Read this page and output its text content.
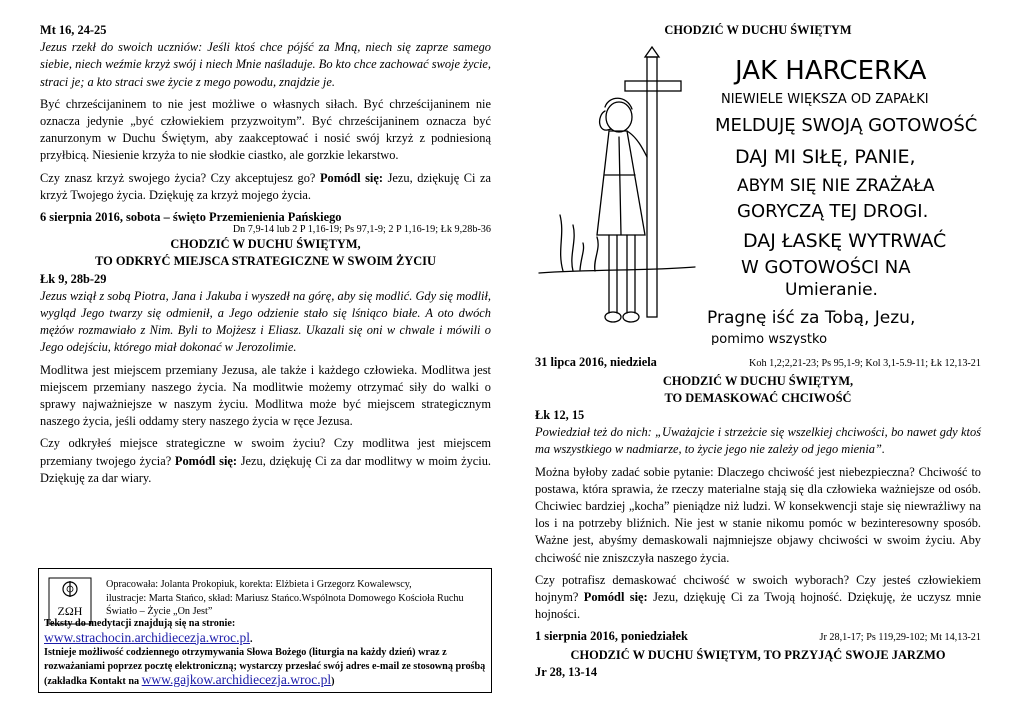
Mt 16, 24-25

Jezus rzekł do swoich uczniów: Jeśli ktoś chce pójść za Mną, niech się zaprze samego siebie, niech weźmie krzyż swój i niech Mnie naśladuje. Bo kto chce zachować swoje życie, straci je; a kto straci swe życie z mego powodu, znajdzie je.

Być chrześcijaninem to nie jest możliwe o własnych siłach. Być chrześcijaninem nie oznacza jedynie „być człowiekiem przyzwoitym”. Być chrześcijaninem oznacza być zanurzonym w Duchu Świętym, aby zaakceptować i nosić swój krzyż z podniesioną przyłbicą. Niesienie krzyża to nie słodkie ciastko, ale gorzkie lekarstwo.

Czy znasz krzyż swojego życia? Czy akceptujesz go? Pomódl się: Jezu, dziękuję Ci za krzyż Twojego życia. Dziękuję za krzyż mojego życia.

6 sierpnia 2016, sobota – święto Przemienienia Pańskiego

Dn 7,9-14 lub 2 P 1,16-19; Ps 97,1-9; 2 P 1,16-19; Łk 9,28b-36

CHODZIĆ W DUCHU ŚWIĘTYM,

TO ODKRYĆ MIEJSCA STRATEGICZNE W SWOIM ŻYCIU

Łk 9, 28b-29

Jezus wziął z sobą Piotra, Jana i Jakuba i wyszedł na górę, aby się modlić. Gdy się modlił, wygląd Jego twarzy się odmienił, a Jego odzienie stało się lśniąco białe. A oto dwóch mężów rozmawiało z Nim. Byli to Mojżesz i Eliasz. Ukazali się oni w chwale i mówili o Jego odejściu, którego miał dokonać w Jerozolimie.

Modlitwa jest miejscem przemiany Jezusa, ale także i każdego człowieka. Modlitwa jest miejscem przemiany naszego życia. Na modlitwie możemy otrzymać siły do walki o sprawy najważniejsze w naszym życiu. Modlitwa może być miejscem strategicznym naszego życia, jeśli oddamy stery naszego życia w ręce Jezusa.

Czy odkryłeś miejsce strategiczne w swoim życiu? Czy modlitwa jest miejscem przemiany twojego życia? Pomódl się: Jezu, dziękuję Ci za dar modlitwy w moim życiu. Dziękuję za dar wiary.

ΖΩΗ
Opracowała: Jolanta Prokopiuk, korekta: Elżbieta i Grzegorz Kowalewscy,
ilustracje: Marta Stańco, skład: Mariusz Stańco.Wspólnota Domowego Kościoła Ruchu Światło – Życie „On Jest”
Teksty do medytacji znajdują się na stronie:
www.strachocin.archidiecezja.wroc.pl.
Istnieje możliwość codziennego otrzymywania Słowa Bożego (liturgia na każdy dzień) wraz z rozważaniami poprzez pocztę elektroniczną; wystarczy przesłać swój adres e-mail ze stosowną prośbą (zakładka Kontakt na www.gajkow.archidiecezja.wroc.pl)

CHODZIĆ W DUCHU ŚWIĘTYM

JAK HARCERKA
NIEWIELE WIĘKSZA OD ZAPAŁKI
MELDUJĘ SWOJĄ GOTOWOŚĆ
DAJ MI SIŁĘ, PANIE,
ABYM SIĘ NIE ZRAŻAŁA
GORYCZĄ TEJ DROGI.
DAJ ŁASKĘ WYTRWAĆ
W GOTOWOŚCI NA
Umieranie.
Pragnę iść za Tobą, Jezu,
pomimo wszystko
31 lipca 2016, niedziela	Koh 1,2;2,21-23; Ps 95,1-9; Kol 3,1-5.9-11; Łk 12,13-21

CHODZIĆ W DUCHU ŚWIĘTYM,

TO DEMASKOWAĆ CHCIWOŚĆ

Łk 12, 15

Powiedział też do nich: „Uważajcie i strzeżcie się wszelkiej chciwości, bo nawet gdy ktoś ma wszystkiego w nadmiarze, to życie jego nie zależy od jego mienia”.

Można byłoby zadać sobie pytanie: Dlaczego chciwość jest niebezpieczna? Chciwość to postawa, która sprawia, że rzeczy materialne stają się dla człowieka ważniejsze od osób. Chciwiec bardziej „kocha” pieniądze niż ludzi. W konsekwencji staje się niewrażliwy na los i na potrzeby bliźnich. Nie jest w stanie nikomu pomóc w bezinteresowny sposób. Ważne jest, abyśmy demaskowali najmniejsze objawy chciwości w swoim życiu. Aby chciwość nie zniszczyła naszego życia.

Czy potrafisz demaskować chciwość w swoich wyborach? Czy jesteś człowiekiem hojnym? Pomódl się: Jezu, dziękuję Ci za Twoją hojność. Dziękuję, że uczysz mnie hojności.

1 sierpnia 2016, poniedziałek	Jr 28,1-17; Ps 119,29-102; Mt 14,13-21

CHODZIĆ W DUCHU ŚWIĘTYM, TO PRZYJĄĆ SWOJE JARZMO

Jr 28, 13-14
